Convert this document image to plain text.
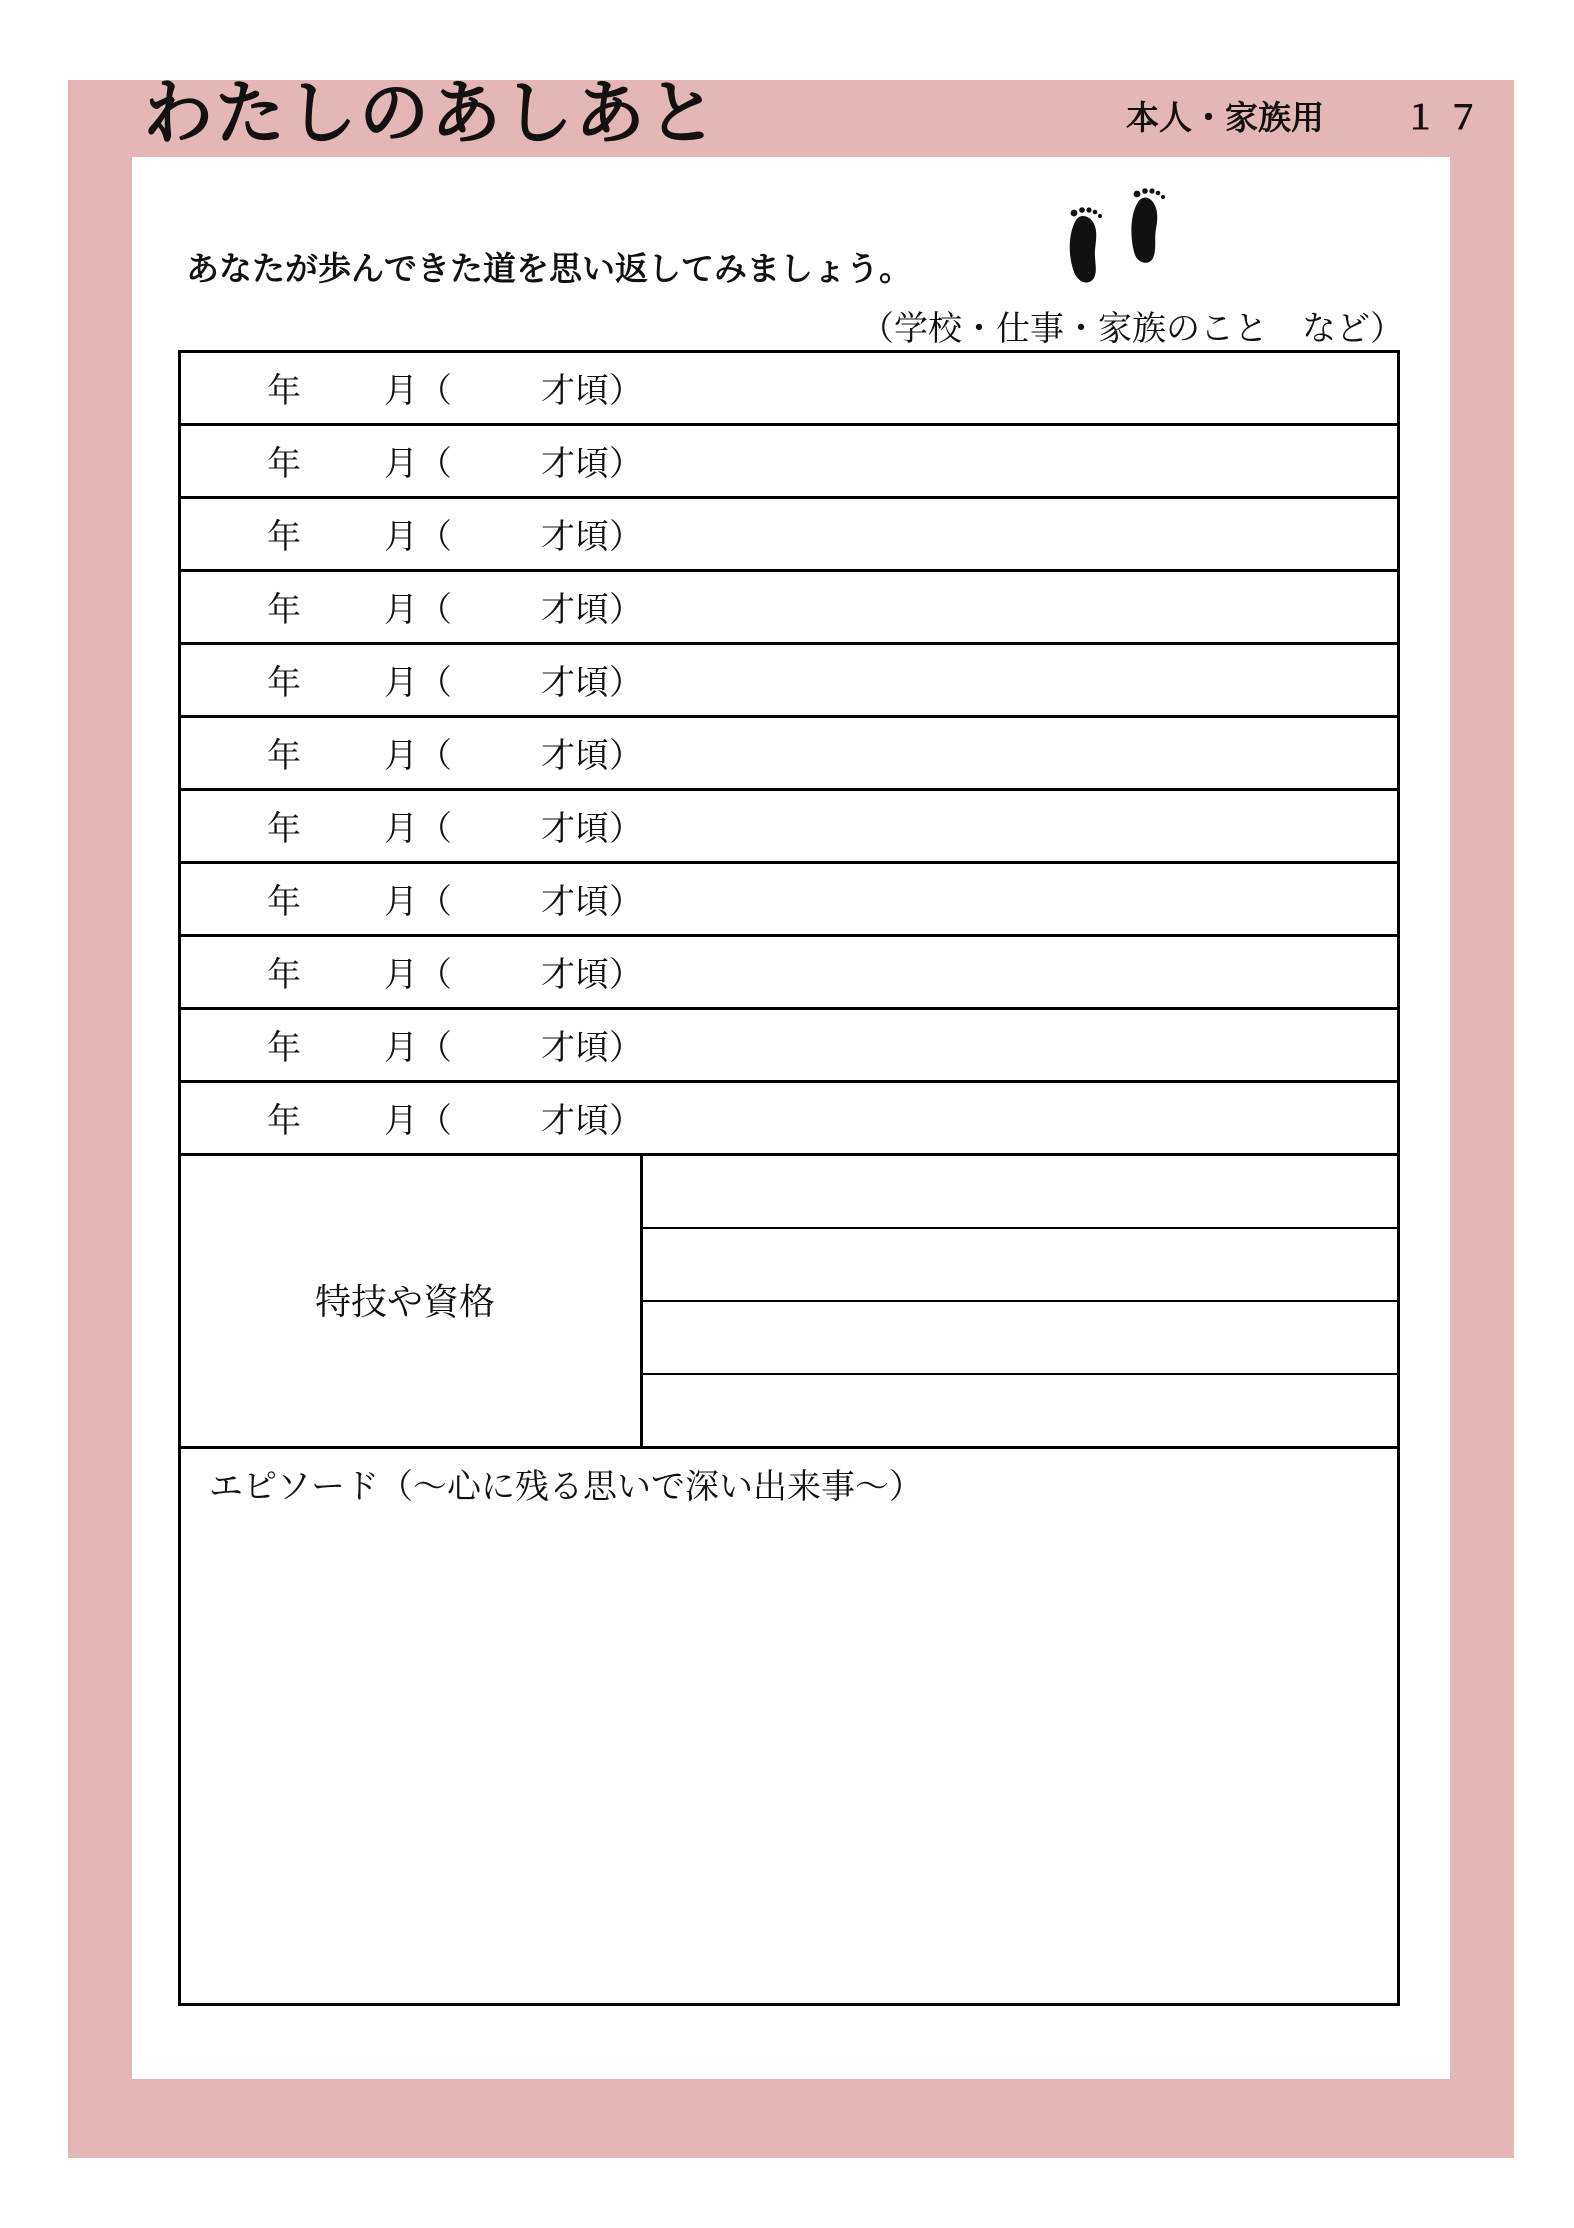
わたしのあしあと	本人・家族用 １７

あなたが歩んできた道を思い返してみましょう。

（学校・仕事・家族のこと　など）
年 月（	才頃）
年 月（	才頃）
年 月（	才頃）
年 月（	才頃）
年 月（	才頃）
年 月（	才頃）
年 月（	才頃）
年 月（	才頃）
年 月（	才頃）
年 月（	才頃）
年 月（	才頃）
特技や資格
エピソード（～心に残る思いで深い出来事～）
